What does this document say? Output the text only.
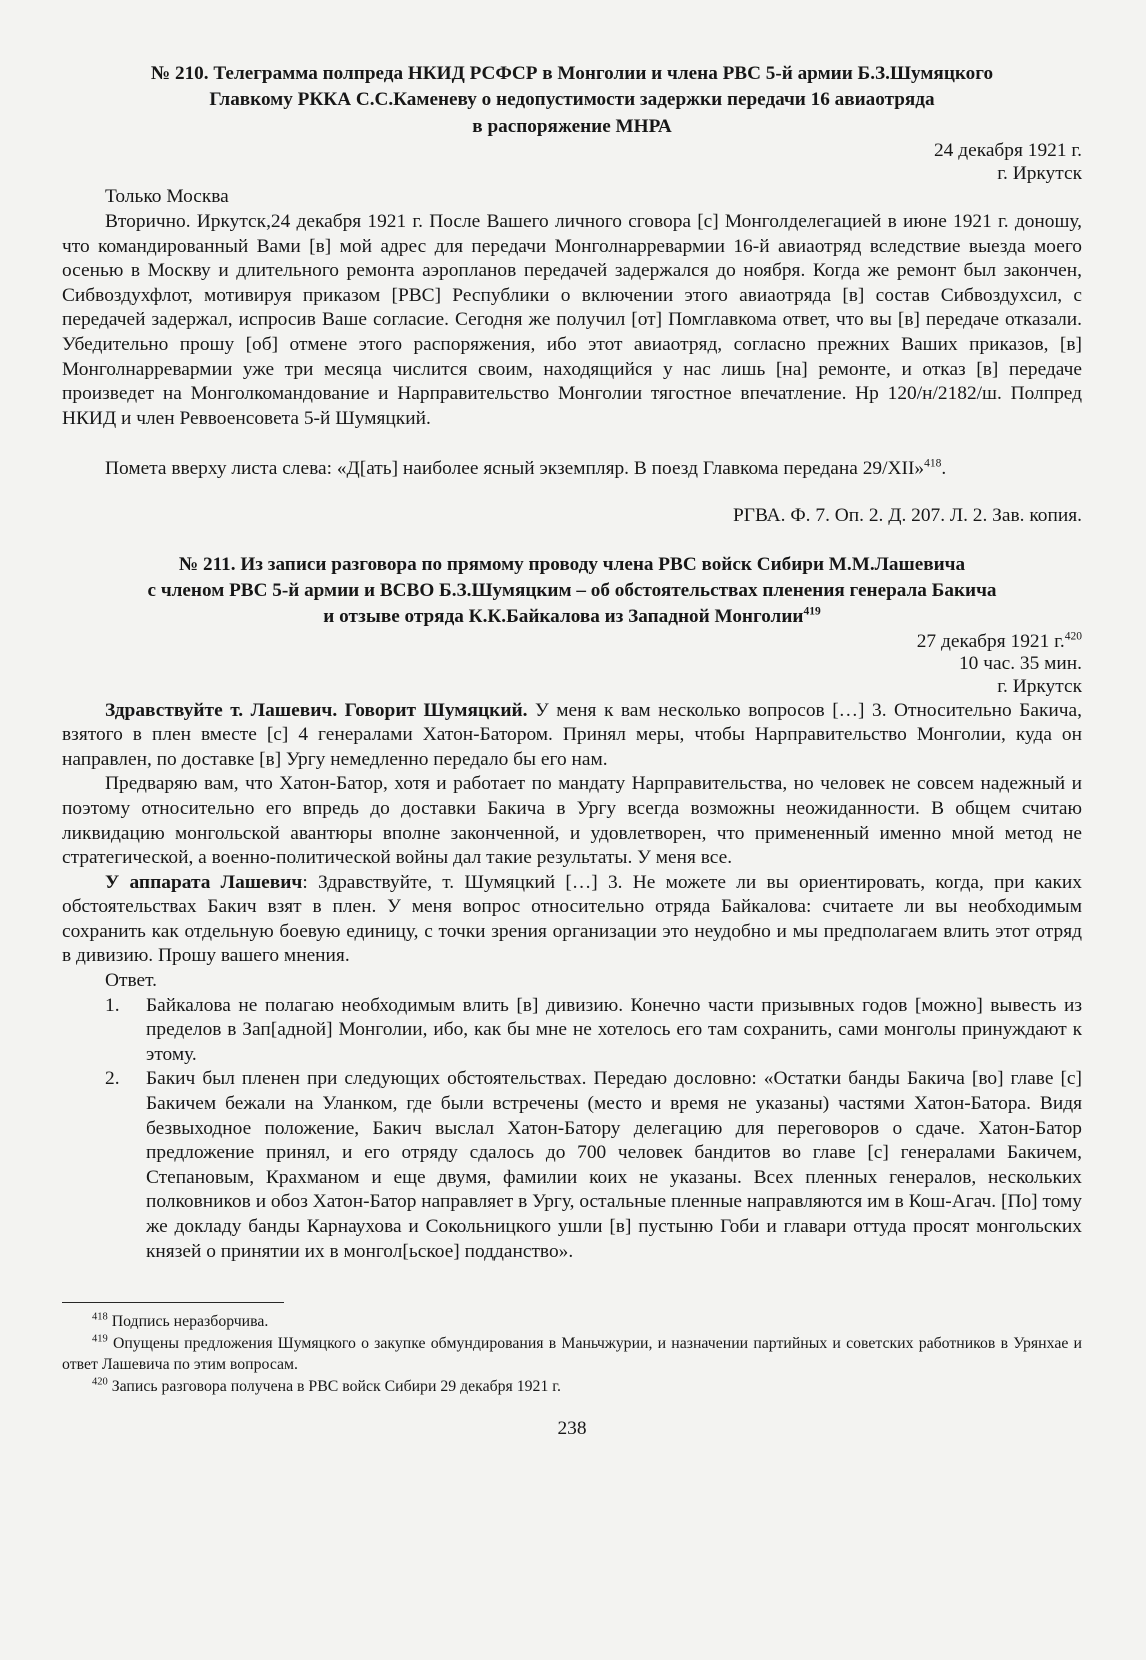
№ 210. Телеграмма полпреда НКИД РСФСР в Монголии и члена РВС 5-й армии Б.З.Шумяцкого
Главкому РККА С.С.Каменеву о недопустимости задержки передачи 16 авиаотряда
в распоряжение МНРА
24 декабря 1921 г.
г. Иркутск

Только Москва

Вторично. Иркутск,24 декабря 1921 г. После Вашего личного сговора [с] Монголделегацией в июне 1921 г. доношу, что командированный Вами [в] мой адрес для передачи Монголнарревармии 16-й авиаотряд вследствие выезда моего осенью в Москву и длительного ремонта аэропланов передачей задержался до ноября. Когда же ремонт был закончен, Сибвоздухфлот, мотивируя приказом [РВС] Республики о включении этого авиаотряда [в] состав Сибвоздухсил, с передачей задержал, испросив Ваше согласие. Сегодня же получил [от] Помглавкома ответ, что вы [в] передаче отказали. Убедительно прошу [об] отмене этого распоряжения, ибо этот авиаотряд, согласно прежних Ваших приказов, [в] Монголнарревармии уже три месяца числится своим, находящийся у нас лишь [на] ремонте, и отказ [в] передаче произведет на Монголкомандование и Нарправительство Монголии тягостное впечатление. Нр 120/н/2182/ш. Полпред НКИД и член Реввоенсовета 5-й Шумяцкий.

Помета вверху листа слева: «Д[ать] наиболее ясный экземпляр. В поезд Главкома передана 29/XII»$^{418}$.

РГВА. Ф. 7. Оп. 2. Д. 207. Л. 2. Зав. копия.

№ 211. Из записи разговора по прямому проводу члена РВС войск Сибири М.М.Лашевича
с членом РВС 5-й армии и ВСВО Б.З.Шумяцким – об обстоятельствах пленения генерала Бакича
и отзыве отряда К.К.Байкалова из Западной Монголии$^{419}$
27 декабря 1921 г.$^{420}$
10 час. 35 мин.
г. Иркутск

Здравствуйте т. Лашевич. Говорит Шумяцкий. У меня к вам несколько вопросов […] 3. Относительно Бакича, взятого в плен вместе [с] 4 генералами Хатон-Батором. Принял меры, чтобы Нарправительство Монголии, куда он направлен, по доставке [в] Ургу немедленно передало бы его нам.

Предваряю вам, что Хатон-Батор, хотя и работает по мандату Нарправительства, но человек не совсем надежный и поэтому относительно его впредь до доставки Бакича в Ургу всегда возможны неожиданности. В общем считаю ликвидацию монгольской авантюры вполне законченной, и удовлетворен, что примененный именно мной метод не стратегической, а военно-политической войны дал такие результаты. У меня все.

У аппарата Лашевич: Здравствуйте, т. Шумяцкий […] 3. Не можете ли вы ориентировать, когда, при каких обстоятельствах Бакич взят в плен. У меня вопрос относительно отряда Байкалова: считаете ли вы необходимым сохранить как отдельную боевую единицу, с точки зрения организации это неудобно и мы предполагаем влить этот отряд в дивизию. Прошу вашего мнения.

Ответ.

1. Байкалова не полагаю необходимым влить [в] дивизию. Конечно части призывных годов [можно] вывесть из пределов в Зап[адной] Монголии, ибо, как бы мне не хотелось его там сохранить, сами монголы принуждают к этому.

2. Бакич был пленен при следующих обстоятельствах. Передаю дословно: «Остатки банды Бакича [во] главе [с] Бакичем бежали на Уланком, где были встречены (место и время не указаны) частями Хатон-Батора. Видя безвыходное положение, Бакич выслал Хатон-Батору делегацию для переговоров о сдаче. Хатон-Батор предложение принял, и его отряду сдалось до 700 человек бандитов во главе [с] генералами Бакичем, Степановым, Крахманом и еще двумя, фамилии коих не указаны. Всех пленных генералов, нескольких полковников и обоз Хатон-Батор направляет в Ургу, остальные пленные направляются им в Кош-Агач. [По] тому же докладу банды Карнаухова и Сокольницкого ушли [в] пустыню Гоби и главари оттуда просят монгольских князей о принятии их в монгол[ьское] подданство».

$^{418}$ Подпись неразборчива.

$^{419}$ Опущены предложения Шумяцкого о закупке обмундирования в Маньчжурии, и назначении партийных и советских работников в Урянхае и ответ Лашевича по этим вопросам.

$^{420}$ Запись разговора получена в РВС войск Сибири 29 декабря 1921 г.

238
